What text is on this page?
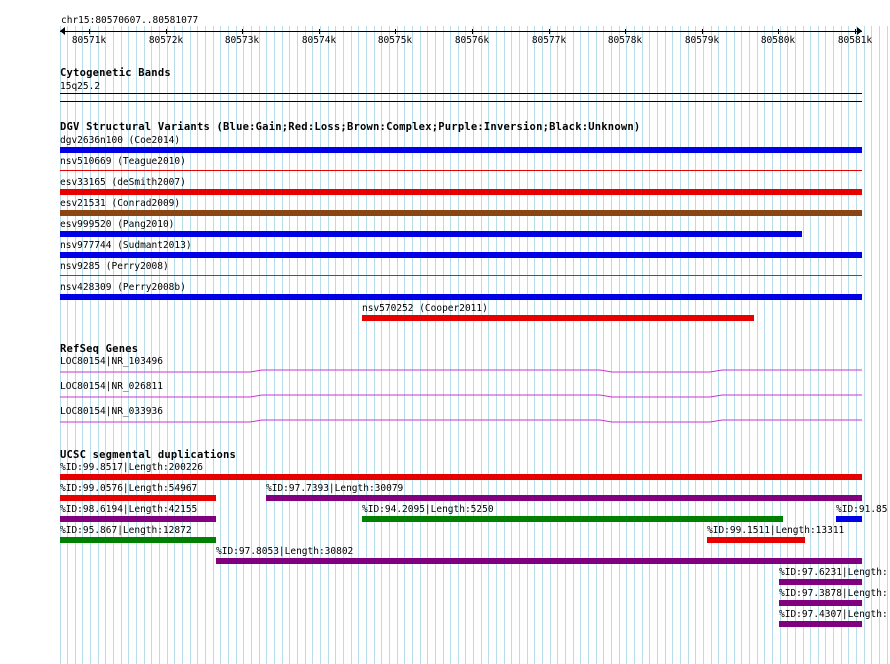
chr15:80570607..80581077
80571k	80572k	80573k	80574k	80575k	80576k	80577k	80578k	80579k	80580k	80581k
Cytogenetic Bands
15q25.2
DGV Structural Variants (Blue:Gain;Red:Loss;Brown:Complex;Purple:Inversion;Black:Unknown)
dgv2636n100 (Coe2014)
nsv510669 (Teague2010)
esv33165 (deSmith2007)
esv21531 (Conrad2009)
esv999520 (Pang2010)
nsv977744 (Sudmant2013)
nsv9285 (Perry2008)
nsv428309 (Perry2008b)
nsv570252 (Cooper2011)
RefSeq Genes
LOC80154|NR_103496
LOC80154|NR_026811
LOC80154|NR_033936
UCSC segmental duplications
%ID:99.8517|Length:200226
%ID:99.0576|Length:54967	%ID:97.7393|Length:30079
%ID:98.6194|Length:42155	%ID:94.2095|Length:5250	%ID:91.85
%ID:95.867|Length:12872	%ID:99.1511|Length:13311
%ID:97.8053|Length:30802
%ID:97.6231|Length:
%ID:97.3878|Length:
%ID:97.4307|Length:
